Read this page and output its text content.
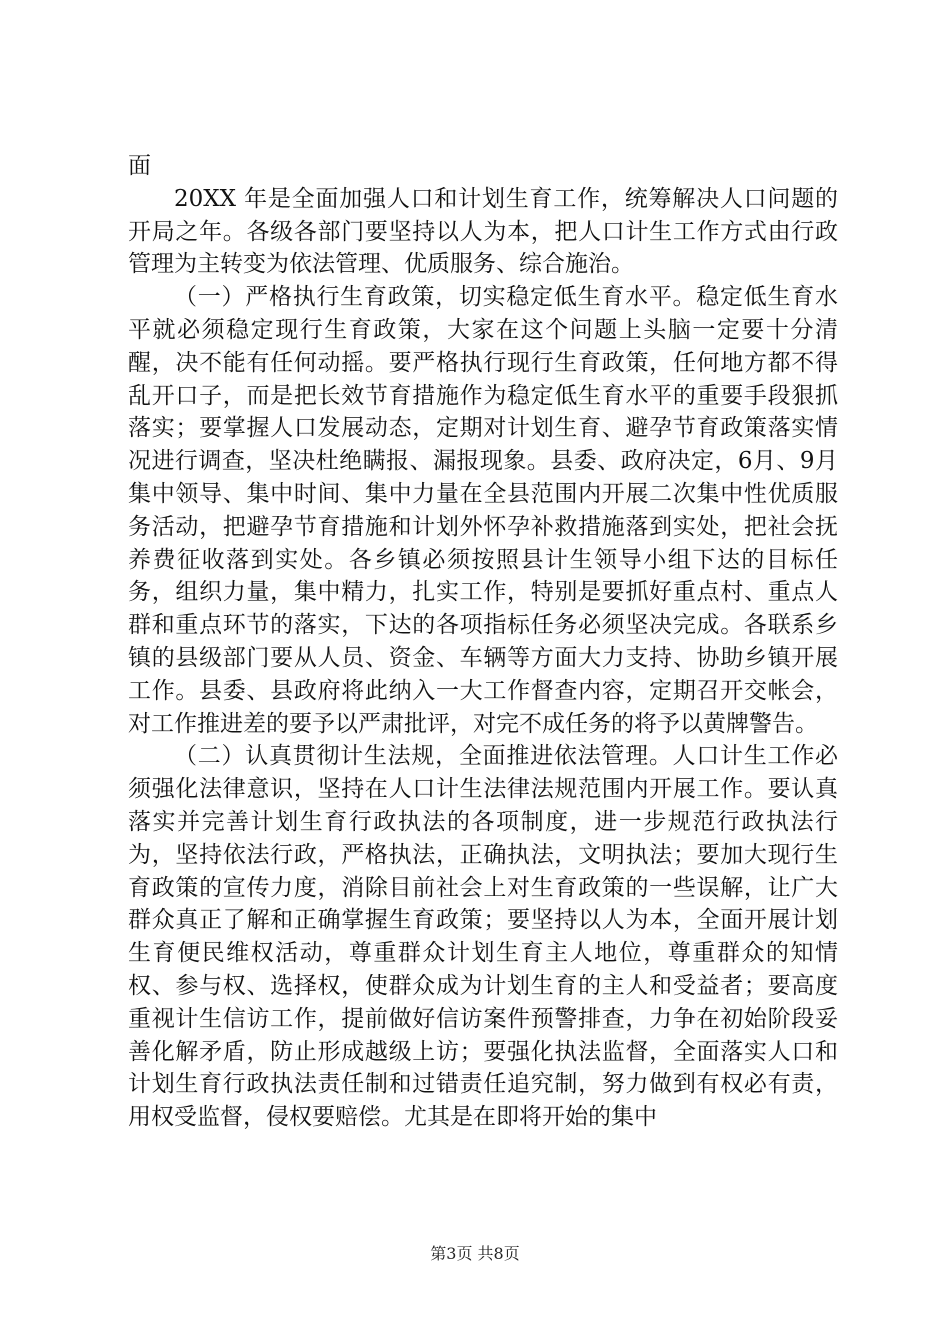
面

20XX 年是全面加强人口和计划生育工作，统筹解决人口问题的开局之年。各级各部门要坚持以人为本，把人口计生工作方式由行政管理为主转变为依法管理、优质服务、综合施治。

（一）严格执行生育政策，切实稳定低生育水平。稳定低生育水平就必须稳定现行生育政策，大家在这个问题上头脑一定要十分清醒，决不能有任何动摇。要严格执行现行生育政策，任何地方都不得乱开口子，而是把长效节育措施作为稳定低生育水平的重要手段狠抓落实；要掌握人口发展动态，定期对计划生育、避孕节育政策落实情况进行调查，坚决杜绝瞒报、漏报现象。县委、政府决定，6月、9月集中领导、集中时间、集中力量在全县范围内开展二次集中性优质服务活动，把避孕节育措施和计划外怀孕补救措施落到实处，把社会抚养费征收落到实处。各乡镇必须按照县计生领导小组下达的目标任务，组织力量，集中精力，扎实工作，特别是要抓好重点村、重点人群和重点环节的落实，下达的各项指标任务必须坚决完成。各联系乡镇的县级部门要从人员、资金、车辆等方面大力支持、协助乡镇开展工作。县委、县政府将此纳入一大工作督查内容，定期召开交帐会，对工作推进差的要予以严肃批评，对完不成任务的将予以黄牌警告。

（二）认真贯彻计生法规，全面推进依法管理。人口计生工作必须强化法律意识，坚持在人口计生法律法规范围内开展工作。要认真落实并完善计划生育行政执法的各项制度，进一步规范行政执法行为，坚持依法行政，严格执法，正确执法，文明执法；要加大现行生育政策的宣传力度，消除目前社会上对生育政策的一些误解，让广大群众真正了解和正确掌握生育政策；要坚持以人为本，全面开展计划生育便民维权活动，尊重群众计划生育主人地位，尊重群众的知情权、参与权、选择权，使群众成为计划生育的主人和受益者；要高度重视计生信访工作，提前做好信访案件预警排查，力争在初始阶段妥善化解矛盾，防止形成越级上访；要强化执法监督，全面落实人口和计划生育行政执法责任制和过错责任追究制，努力做到有权必有责，用权受监督，侵权要赔偿。尤其是在即将开始的集中

第3页 共8页
